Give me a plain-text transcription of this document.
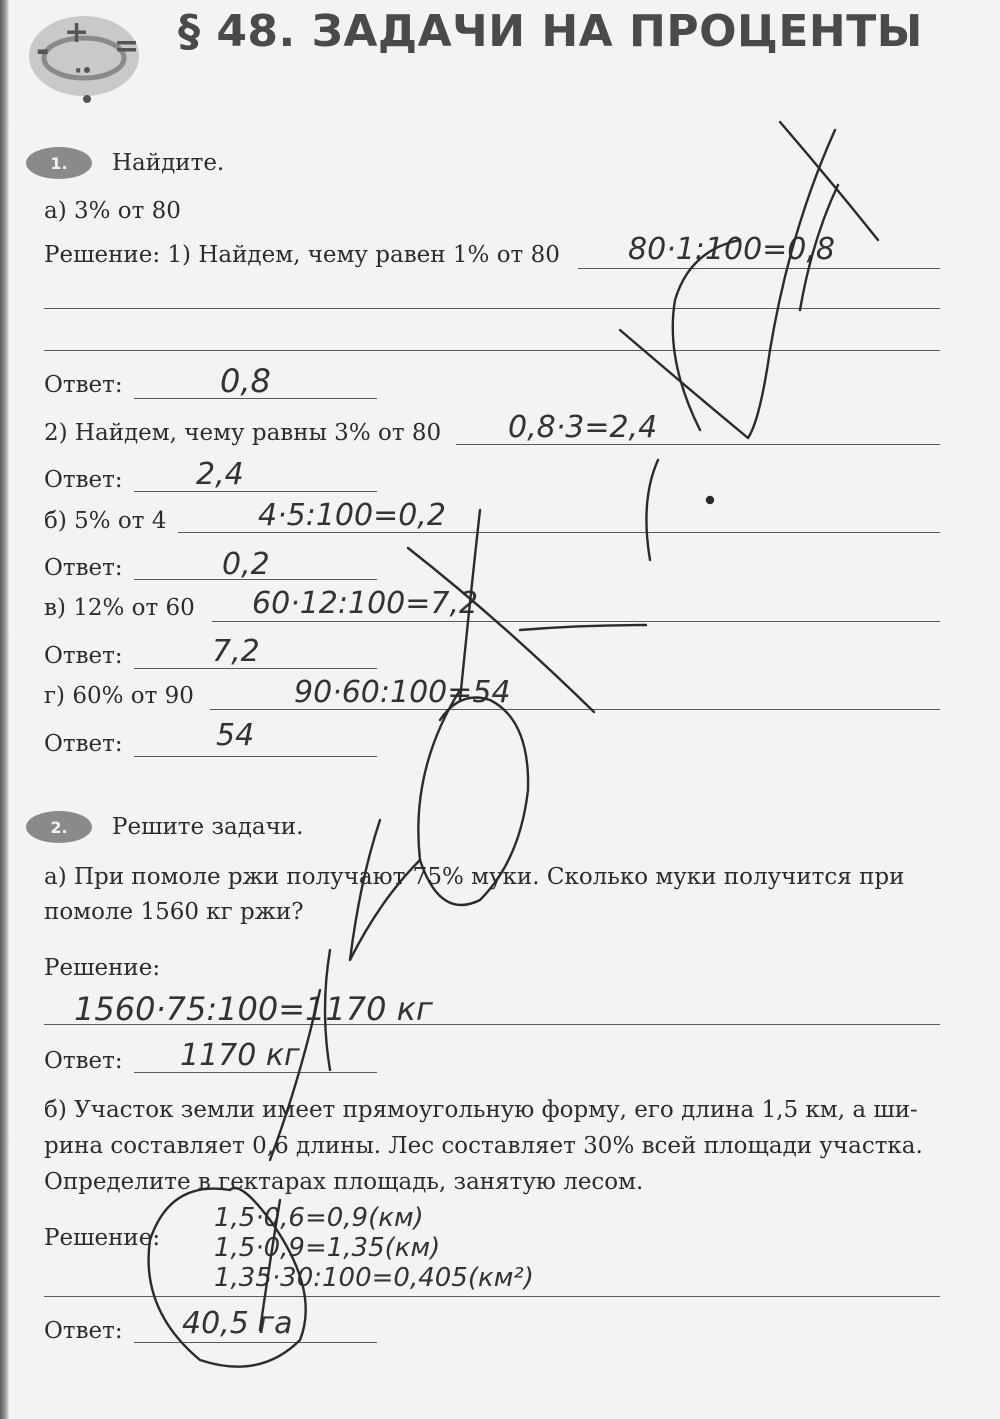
+
- =
·
§ 48. ЗАДАЧИ НА ПРОЦЕНТЫ
1.	Найдите.
а) 3% от 80
Решение: 1) Найдем, чему равен 1% от 80 80·1:100=0,8
Ответ:	0,8
2) Найдем, чему равны 3% от 80 0,8·3=2,4
Ответ: 2,4
б) 5% от 4	4·5:100=0,2
Ответ:	0,2
в) 12% от 60 60·12:100=7,2
Ответ:	7,2
г) 60% от 90	90·60:100=54
Ответ:	54
2.	Решите задачи.
а) При помоле ржи получают 75% муки. Сколько муки получится при
помоле 1560 кг ржи?
Решение:
1560·75:100=1170 кг
Ответ: 1170 кг
б) Участок земли имеет прямоугольную форму, его длина 1,5 км, а ши-
рина составляет 0,6 длины. Лес составляет 30% всей площади участка.
Определите в гектарах площадь, занятую лесом.
Решение:
1,5·0,6=0,9(км)
1,5·0,9=1,35(км)
1,35·30:100=0,405(км²)
Ответ: 40,5 га
